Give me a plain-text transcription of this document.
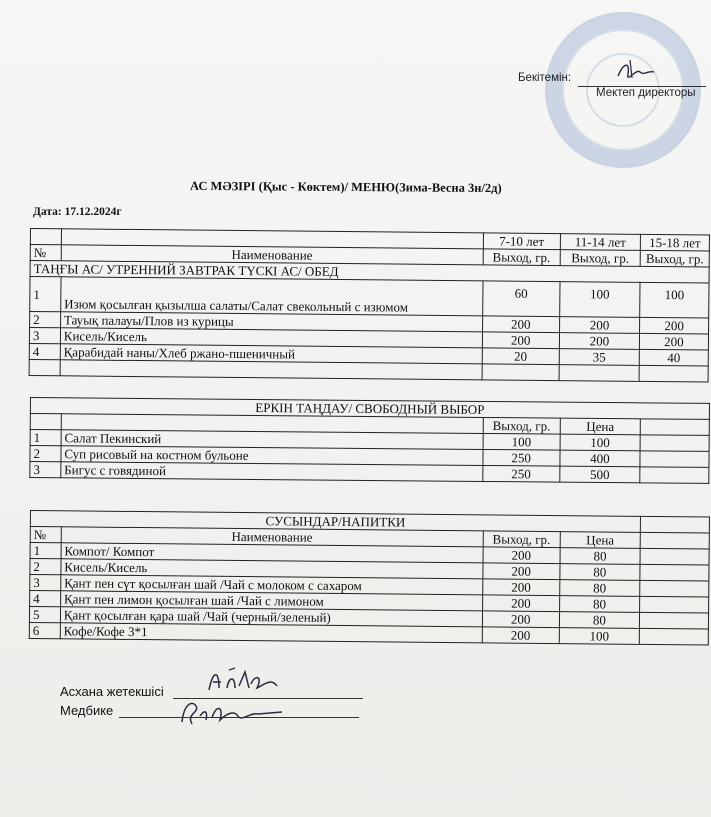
Бекітемін:
Мектеп директоры
АС МӘЗІРІ (Қыс - Көктем)/ МЕНЮ(Зима-Весна 3н/2д)
Дата: 17.12.2024г
		7-10 лет	11-14 лет	15-18 лет
№	Наименование	Выход, гр.	Выход, гр.	Выход, гр.
ТАҢҒЫ АС/ УТРЕННИЙ ЗАВТРАК ТҮСКІ АС/ ОБЕД				
1	Изюм қосылған қызылша салаты/Салат свекольный с изюмом	60	100	100
2	Тауық палауы/Плов из курицы	200	200	200
3	Кисель/Кисель	200	200	200
4	Қарабидай наны/Хлеб ржано-пшеничный	20	35	40

ЕРКІН ТАҢДАУ/ СВОБОДНЫЙ ВЫБОР				
		Выход, гр.	Цена	
1	Салат Пекинский	100	100	
2	Суп рисовый на костном бульоне	250	400	
3	Бигус с говядиной	250	500	
СУСЫНДАР/НАПИТКИ				
№	Наименование	Выход, гр.	Цена	
1	Компот/ Компот	200	80	
2	Кисель/Кисель	200	80	
3	Қант пен сүт қосылған шай /Чай с молоком с сахаром	200	80	
4	Қант пен лимон қосылған шай /Чай с лимоном	200	80	
5	Қант қосылған қара шай /Чай (черный/зеленый)	200	80	
6	Кофе/Кофе 3*1	200	100	
Асхана жетекшісі
Медбике
